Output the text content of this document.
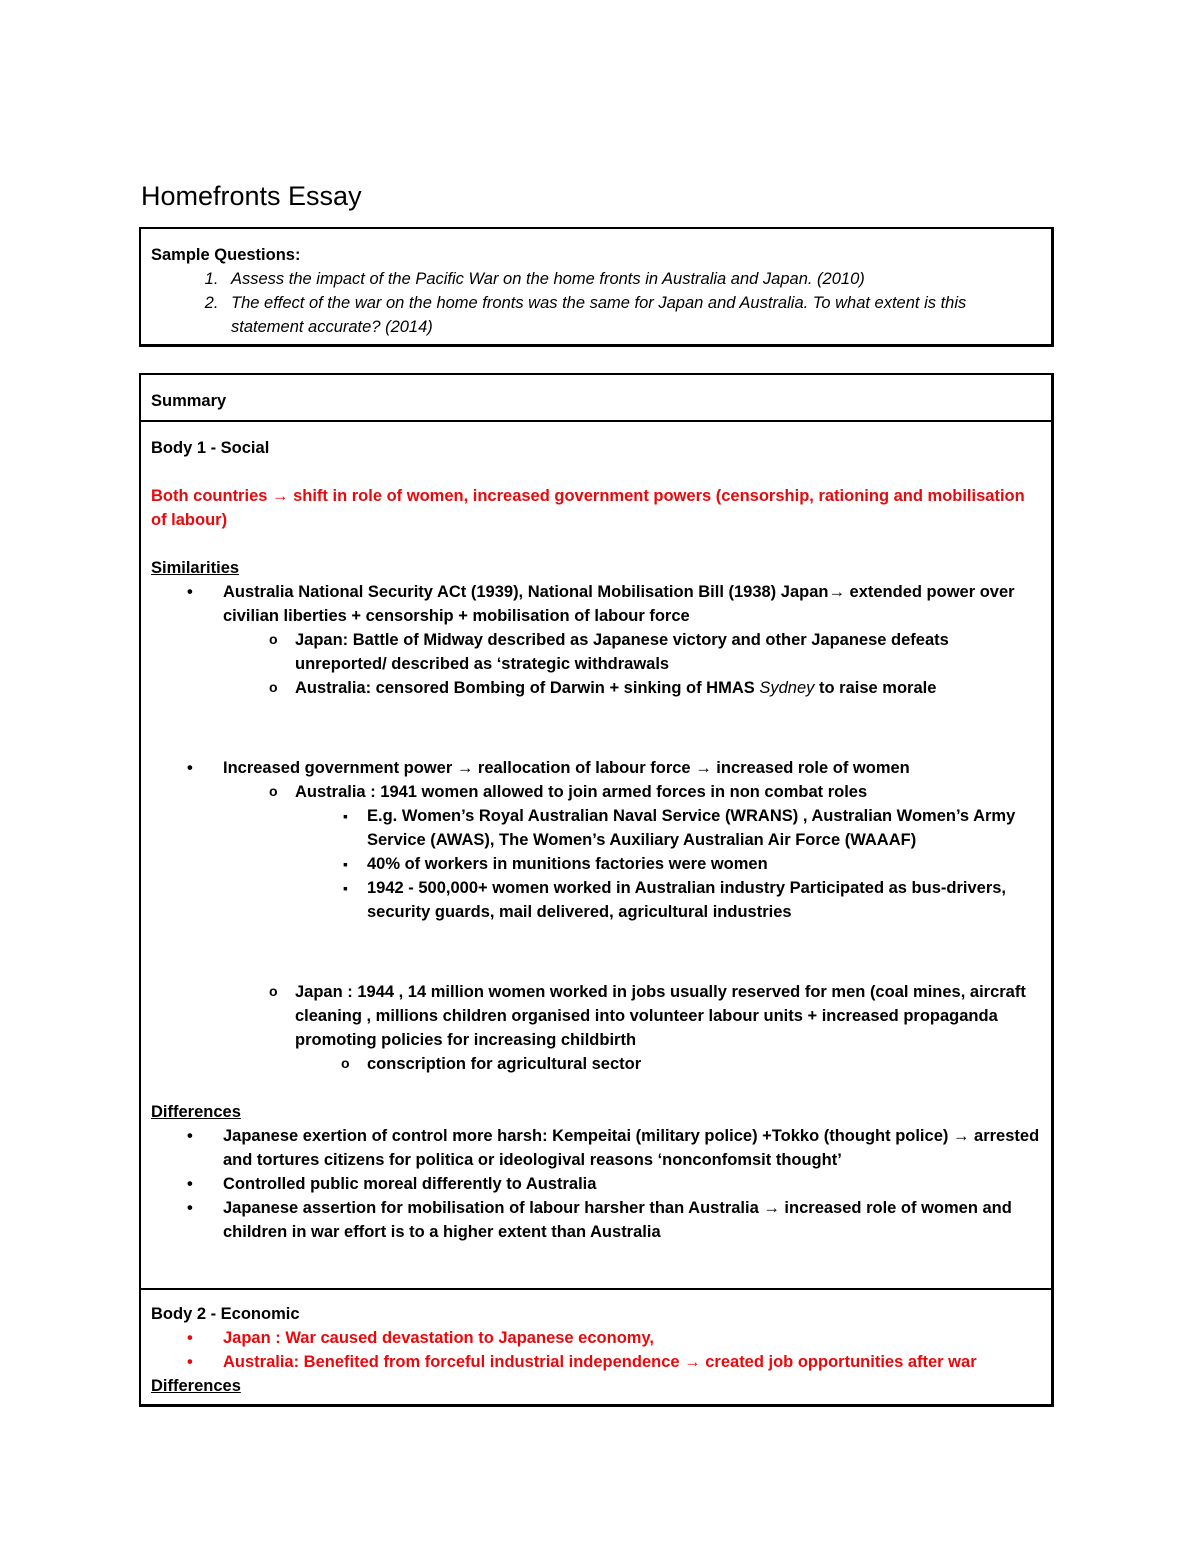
Homefronts Essay

Sample Questions:

1. Assess the impact of the Pacific War on the home fronts in Australia and Japan. (2010)
2. The effect of the war on the home fronts was the same for Japan and Australia. To what extent is this statement accurate? (2014)

Summary

Body 1 - Social

Both countries → shift in role of women, increased government powers (censorship, rationing and mobilisation of labour)

Similarities

• Australia National Security ACt (1939), National Mobilisation Bill (1938) Japan→ extended power over civilian liberties + censorship + mobilisation of labour force
o Japan: Battle of Midway described as Japanese victory and other Japanese defeats unreported/ described as ‘strategic withdrawals
o Australia: censored Bombing of Darwin + sinking of HMAS Sydney to raise morale
• Increased government power → reallocation of labour force → increased role of women
o Australia : 1941 women allowed to join armed forces in non combat roles
▪ E.g. Women’s Royal Australian Naval Service (WRANS) , Australian Women’s Army Service (AWAS), The Women’s Auxiliary Australian Air Force (WAAAF)
▪ 40% of workers in munitions factories were women
▪ 1942 - 500,000+ women worked in Australian industry Participated as bus-drivers, security guards, mail delivered, agricultural industries
o Japan : 1944 , 14 million women worked in jobs usually reserved for men (coal mines, aircraft cleaning , millions children organised into volunteer labour units + increased propaganda promoting policies for increasing childbirth
o conscription for agricultural sector

Differences

• Japanese exertion of control more harsh: Kempeitai (military police) +Tokko (thought police) → arrested and tortures citizens for politica or ideologival reasons ‘nonconfomsit thought’
• Controlled public moreal differently to Australia
• Japanese assertion for mobilisation of labour harsher than Australia → increased role of women and children in war effort is to a higher extent than Australia

Body 2 - Economic

• Japan : War caused devastation to Japanese economy,
• Australia: Benefited from forceful industrial independence → created job opportunities after war

Differences
